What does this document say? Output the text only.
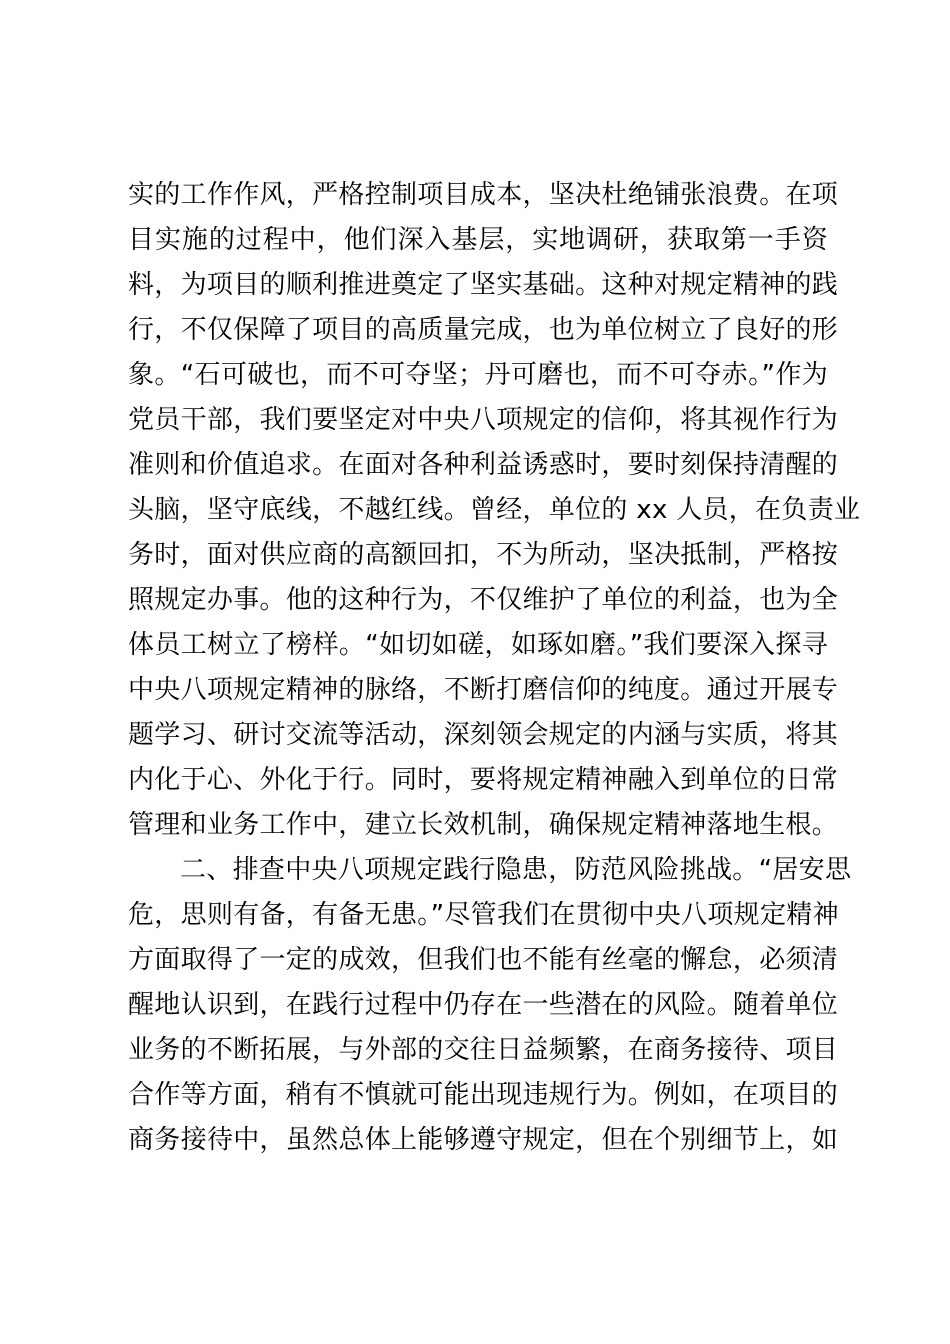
实的工作作风，严格控制项目成本，坚决杜绝铺张浪费。在项
目实施的过程中，他们深入基层，实地调研，获取第一手资
料，为项目的顺利推进奠定了坚实基础。这种对规定精神的践
行，不仅保障了项目的高质量完成，也为单位树立了良好的形
象。“石可破也，而不可夺坚；丹可磨也，而不可夺赤。”作为
党员干部，我们要坚定对中央八项规定的信仰，将其视作行为
准则和价值追求。在面对各种利益诱惑时，要时刻保持清醒的
头脑，坚守底线，不越红线。曾经，单位的 xx 人员，在负责业
务时，面对供应商的高额回扣，不为所动，坚决抵制，严格按
照规定办事。他的这种行为，不仅维护了单位的利益，也为全
体员工树立了榜样。“如切如磋，如琢如磨。”我们要深入探寻
中央八项规定精神的脉络，不断打磨信仰的纯度。通过开展专
题学习、研讨交流等活动，深刻领会规定的内涵与实质，将其
内化于心、外化于行。同时，要将规定精神融入到单位的日常
管理和业务工作中，建立长效机制，确保规定精神落地生根。
二、排查中央八项规定践行隐患，防范风险挑战。“居安思
危，思则有备，有备无患。”尽管我们在贯彻中央八项规定精神
方面取得了一定的成效，但我们也不能有丝毫的懈怠，必须清
醒地认识到，在践行过程中仍存在一些潜在的风险。随着单位
业务的不断拓展，与外部的交往日益频繁，在商务接待、项目
合作等方面，稍有不慎就可能出现违规行为。例如，在项目的
商务接待中，虽然总体上能够遵守规定，但在个别细节上，如
